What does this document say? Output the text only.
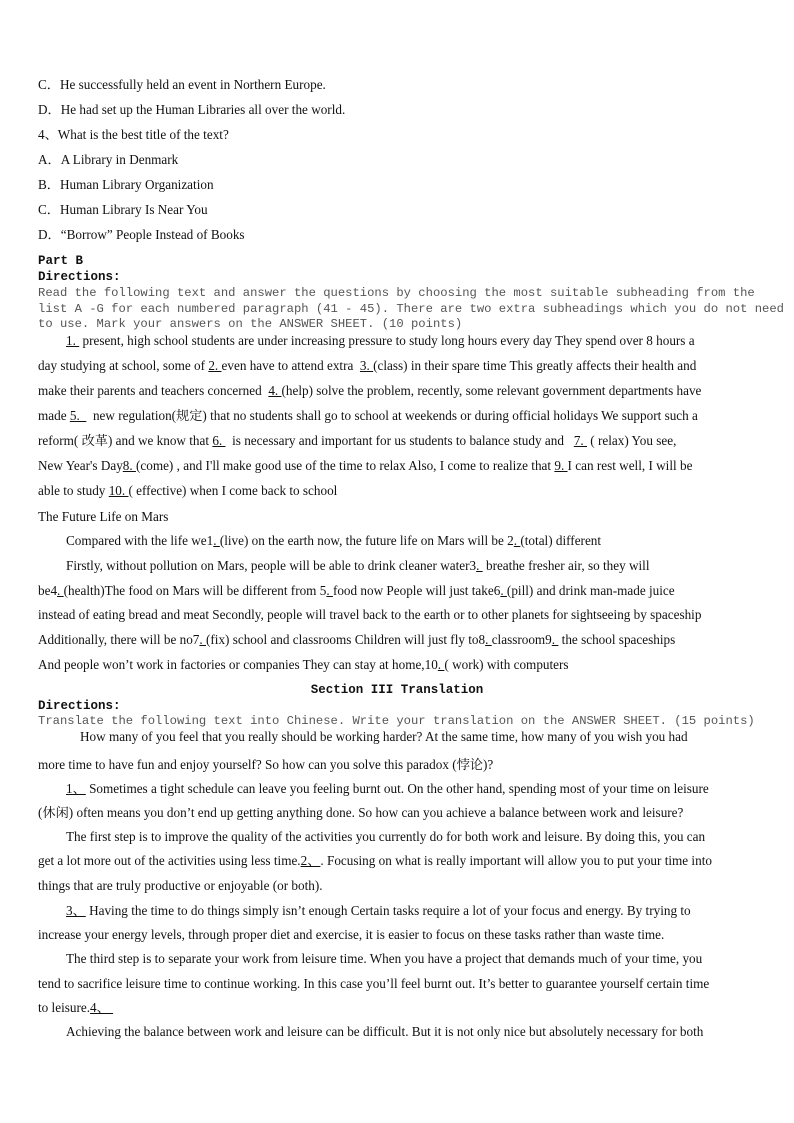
C．He successfully held an event in Northern Europe.
D．He had set up the Human Libraries all over the world.
4、What is the best title of the text?
A．A Library in Denmark
B．Human Library Organization
C．Human Library Is Near You
D．“Borrow” People Instead of Books
Part B
Directions:
Read the following text and answer the questions by choosing the most suitable subheading from the
list A -G for each numbered paragraph (41 - 45). There are two extra subheadings which you do not need
to use. Mark your answers on the ANSWER SHEET. (10 points)
1.  present, high school students are under increasing pressure to study long hours every day They spend over 8 hours a
day studying at school, some of 2. even have to attend extra  3. (class) in their spare time This greatly affects their health and
make their parents and teachers concerned  4. (help) solve the problem, recently, some relevant government departments have
made 5.    new regulation(规定) that no students shall go to school at weekends or during official holidays We support such a
reform( 改革) and we know that 6.   is necessary and important for us students to balance study and   7.  ( relax) You see,
New Year's Day8. (come) , and I'll make good use of the time to relax Also, I come to realize that 9. I can rest well, I will be
able to study 10. ( effective) when I come back to school
The Future Life on Mars
Compared with the life we1. (live) on the earth now, the future life on Mars will be 2. (total) different
Firstly, without pollution on Mars, people will be able to drink cleaner water3.  breathe fresher air, so they will
be4. (health)The food on Mars will be different from 5. food now People will just take6. (pill) and drink man-made juice
instead of eating bread and meat Secondly, people will travel back to the earth or to other planets for sightseeing by spaceship
Additionally, there will be no7. (fix) school and classrooms Children will just fly to8. classroom9.  the school spaceships
And people won’t work in factories or companies They can stay at home,10. ( work) with computers
Section III Translation
Directions:
Translate the following text into Chinese. Write your translation on the ANSWER SHEET. (15 points)
How many of you feel that you really should be working harder? At the same time, how many of you wish you had
more time to have fun and enjoy yourself? So how can you solve this paradox (悖论)?
1、 Sometimes a tight schedule can leave you feeling burnt out. On the other hand, spending most of your time on leisure
(休闲) often means you don’t end up getting anything done. So how can you achieve a balance between work and leisure?
The first step is to improve the quality of the activities you currently do for both work and leisure. By doing this, you can
get a lot more out of the activities using less time.2、. Focusing on what is really important will allow you to put your time into
things that are truly productive or enjoyable (or both).
3、 Having the time to do things simply isn’t enough Certain tasks require a lot of your focus and energy. By trying to
increase your energy levels, through proper diet and exercise, it is easier to focus on these tasks rather than waste time.
The third step is to separate your work from leisure time. When you have a project that demands much of your time, you
tend to sacrifice leisure time to continue working. In this case you’ll feel burnt out. It’s better to guarantee yourself certain time
to leisure.4、
Achieving the balance between work and leisure can be difficult. But it is not only nice but absolutely necessary for both
